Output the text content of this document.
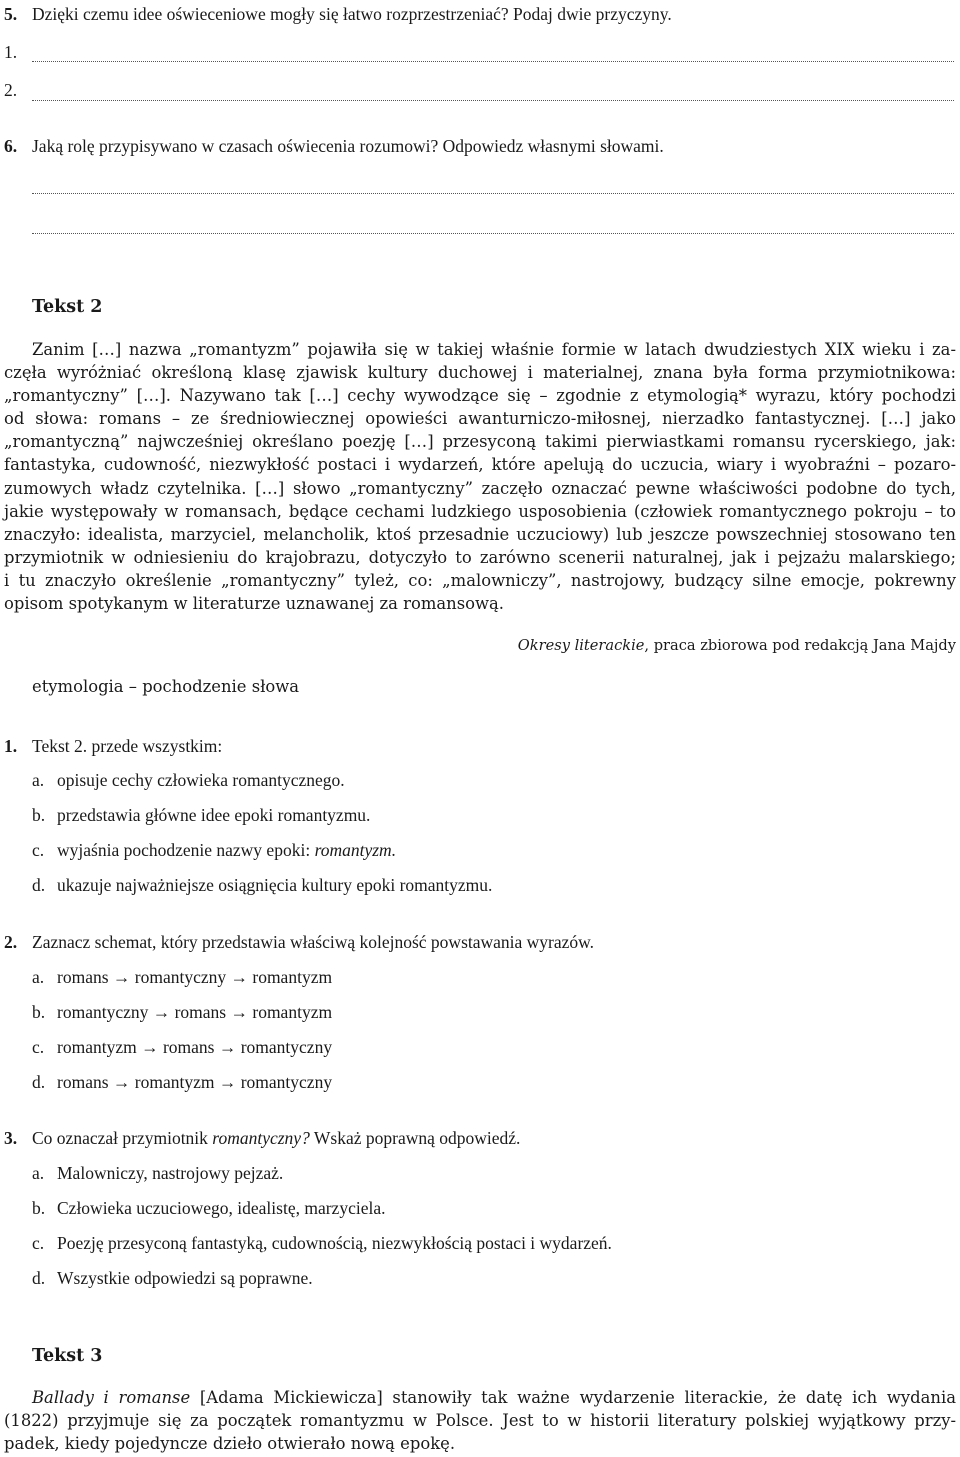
5. Dzięki czemu idee oświeceniowe mogły się łatwo rozprzestrzeniać? Podaj dwie przyczyny.
1.
2.
6. Jaką rolę przypisywano w czasach oświecenia rozumowi? Odpowiedz własnymi słowami.
Tekst 2
Zanim […] nazwa „romantyzm” pojawiła się w takiej właśnie formie w latach dwudziestych XIX wieku i za-
częła wyróżniać określoną klasę zjawisk kultury duchowej i materialnej, znana była forma przymiotnikowa:
„romantyczny” […]. Nazywano tak […] cechy wywodzące się – zgodnie z etymologią* wyrazu, który pochodzi
od słowa: romans – ze średniowiecznej opowieści awanturniczo-miłosnej, nierzadko fantastycznej. […] jako
„romantyczną” najwcześniej określano poezję […] przesyconą takimi pierwiastkami romansu rycerskiego, jak:
fantastyka, cudowność, niezwykłość postaci i wydarzeń, które apelują do uczucia, wiary i wyobraźni – pozaro-
zumowych władz czytelnika. […] słowo „romantyczny” zaczęło oznaczać pewne właściwości podobne do tych,
jakie występowały w romansach, będące cechami ludzkiego usposobienia (człowiek romantycznego pokroju – to
znaczyło: idealista, marzyciel, melancholik, ktoś przesadnie uczuciowy) lub jeszcze powszechniej stosowano ten
przymiotnik w odniesieniu do krajobrazu, dotyczyło to zarówno scenerii naturalnej, jak i pejzażu malarskiego;
i tu znaczyło określenie „romantyczny” tyleż, co: „malowniczy”, nastrojowy, budzący silne emocje, pokrewny
opisom spotykanym w literaturze uznawanej za romansową.
Okresy literackie, praca zbiorowa pod redakcją Jana Majdy
etymologia – pochodzenie słowa
1. Tekst 2. przede wszystkim:
a. opisuje cechy człowieka romantycznego.
b. przedstawia główne idee epoki romantyzmu.
c. wyjaśnia pochodzenie nazwy epoki: romantyzm.
d. ukazuje najważniejsze osiągnięcia kultury epoki romantyzmu.
2. Zaznacz schemat, który przedstawia właściwą kolejność powstawania wyrazów.
a. romans → romantyczny → romantyzm
b. romantyczny → romans → romantyzm
c. romantyzm → romans → romantyczny
d. romans → romantyzm → romantyczny
3. Co oznaczał przymiotnik romantyczny? Wskaż poprawną odpowiedź.
a. Malowniczy, nastrojowy pejzaż.
b. Człowieka uczuciowego, idealistę, marzyciela.
c. Poezję przesyconą fantastyką, cudownością, niezwykłością postaci i wydarzeń.
d. Wszystkie odpowiedzi są poprawne.
Tekst 3
Ballady i romanse [Adama Mickiewicza] stanowiły tak ważne wydarzenie literackie, że datę ich wydania
(1822) przyjmuje się za początek romantyzmu w Polsce. Jest to w historii literatury polskiej wyjątkowy przy-
padek, kiedy pojedyncze dzieło otwierało nową epokę.
